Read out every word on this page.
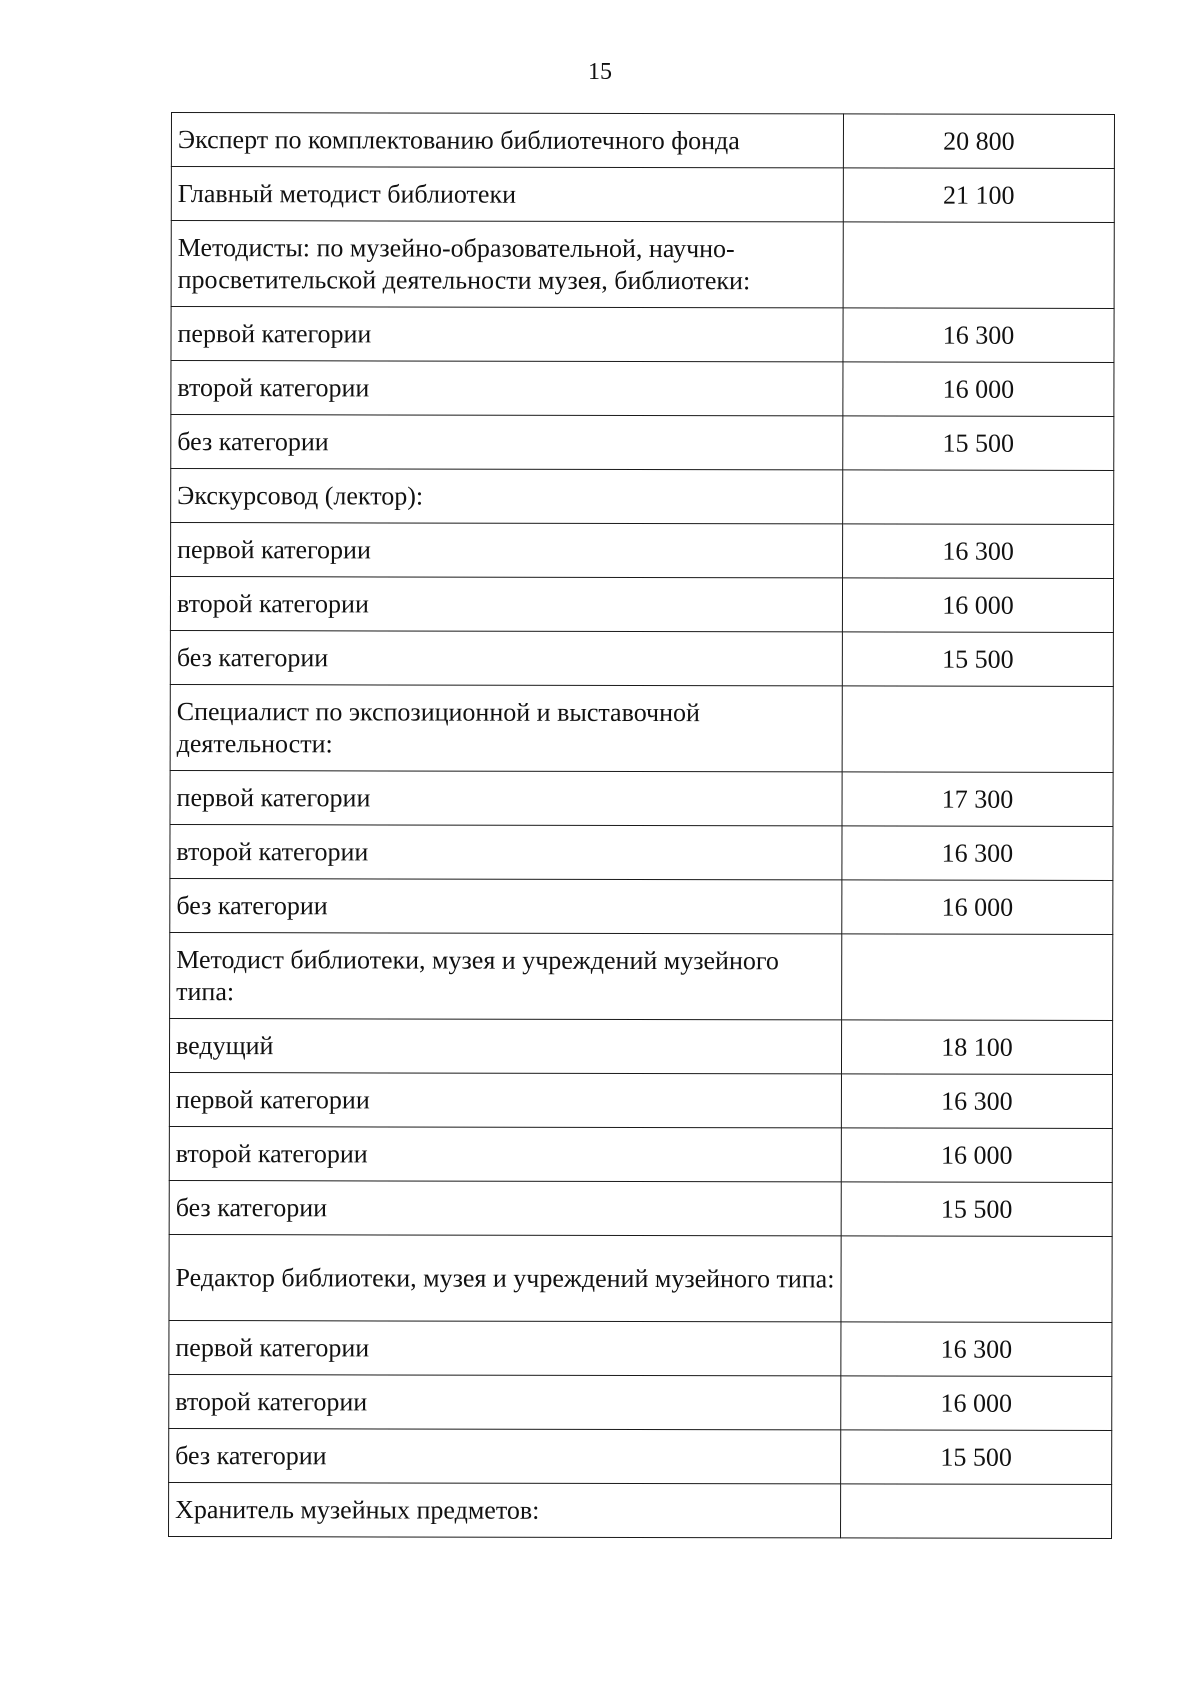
15
Эксперт по комплектованию библиотечного фонда	20 800
Главный методист библиотеки	21 100
Методисты: по музейно-образовательной, научно-просветительской деятельности музея, библиотеки:	
первой категории	16 300
второй категории	16 000
без категории	15 500
Экскурсовод (лектор):	
первой категории	16 300
второй категории	16 000
без категории	15 500
Специалист по экспозиционной и выставочной деятельности:	
первой категории	17 300
второй категории	16 300
без категории	16 000
Методист библиотеки, музея и учреждений музейного типа:	
ведущий	18 100
первой категории	16 300
второй категории	16 000
без категории	15 500
Редактор библиотеки, музея и учреждений музейного типа:	
первой категории	16 300
второй категории	16 000
без категории	15 500
Хранитель музейных предметов:	
